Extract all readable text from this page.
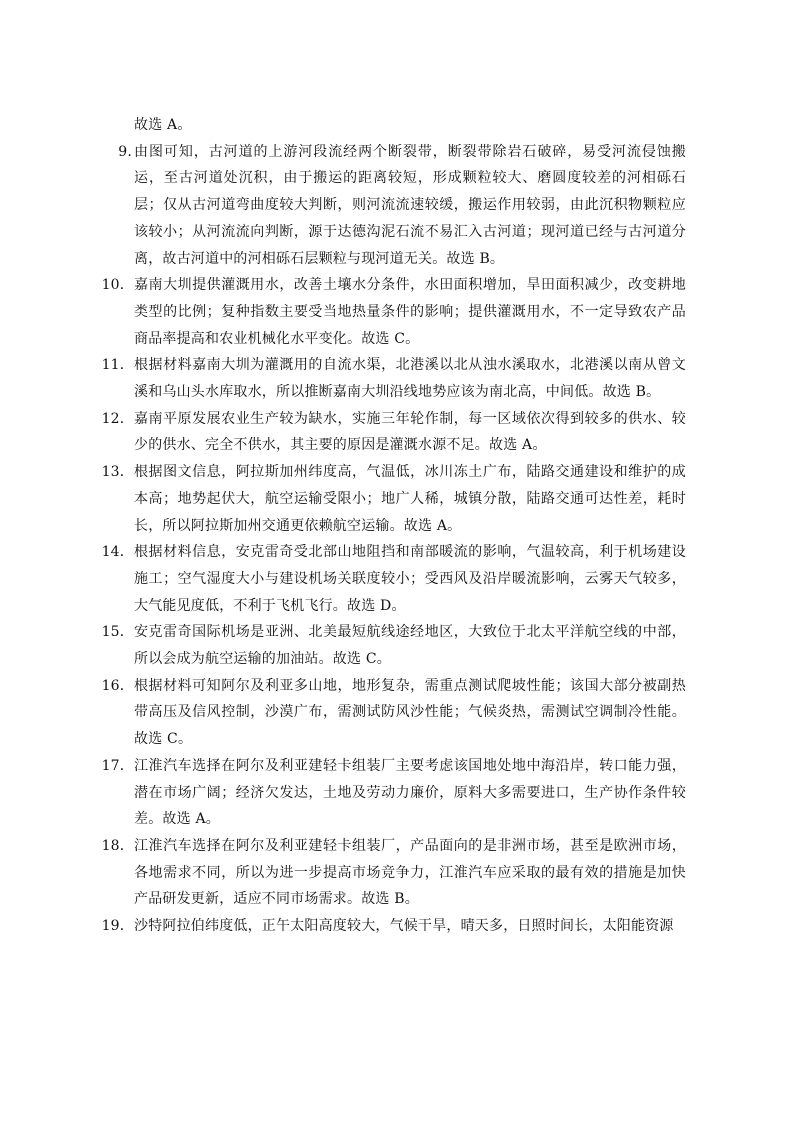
故选 A。
9. 由图可知，古河道的上游河段流经两个断裂带，断裂带除岩石破碎，易受河流侵蚀搬运，至古河道处沉积，由于搬运的距离较短，形成颗粒较大、磨圆度较差的河相砾石层；仅从古河道弯曲度较大判断，则河流流速较缓，搬运作用较弱，由此沉积物颗粒应该较小；从河流流向判断，源于达德沟泥石流不易汇入古河道；现河道已经与古河道分离，故古河道中的河相砾石层颗粒与现河道无关。故选 B。
10． 嘉南大圳提供灌溉用水，改善土壤水分条件，水田面积增加，旱田面积减少，改变耕地类型的比例；复种指数主要受当地热量条件的影响；提供灌溉用水，不一定导致农产品商品率提高和农业机械化水平变化。故选 C。
11． 根据材料嘉南大圳为灌溉用的自流水渠，北港溪以北从浊水溪取水，北港溪以南从曾文溪和乌山头水库取水，所以推断嘉南大圳沿线地势应该为南北高，中间低。故选 B。
12． 嘉南平原发展农业生产较为缺水，实施三年轮作制，每一区域依次得到较多的供水、较少的供水、完全不供水，其主要的原因是灌溉水源不足。故选 A。
13． 根据图文信息，阿拉斯加州纬度高，气温低，冰川冻土广布，陆路交通建设和维护的成本高；地势起伏大，航空运输受限小；地广人稀，城镇分散，陆路交通可达性差，耗时长，所以阿拉斯加州交通更依赖航空运输。故选 A。
14． 根据材料信息，安克雷奇受北部山地阻挡和南部暖流的影响，气温较高，利于机场建设施工；空气湿度大小与建设机场关联度较小；受西风及沿岸暖流影响，云雾天气较多，大气能见度低，不利于飞机飞行。故选 D。
15． 安克雷奇国际机场是亚洲、北美最短航线途经地区，大致位于北太平洋航空线的中部，所以会成为航空运输的加油站。故选 C。
16． 根据材料可知阿尔及利亚多山地，地形复杂，需重点测试爬坡性能；该国大部分被副热带高压及信风控制，沙漠广布，需测试防风沙性能；气候炎热，需测试空调制冷性能。故选 C。
17． 江淮汽车选择在阿尔及利亚建轻卡组装厂主要考虑该国地处地中海沿岸，转口能力强，潜在市场广阔；经济欠发达，土地及劳动力廉价，原料大多需要进口，生产协作条件较差。故选 A。
18． 江淮汽车选择在阿尔及利亚建轻卡组装厂，产品面向的是非洲市场，甚至是欧洲市场，各地需求不同，所以为进一步提高市场竞争力，江淮汽车应采取的最有效的措施是加快产品研发更新，适应不同市场需求。故选 B。
19． 沙特阿拉伯纬度低，正午太阳高度较大，气候干旱，晴天多，日照时间长，太阳能资源
